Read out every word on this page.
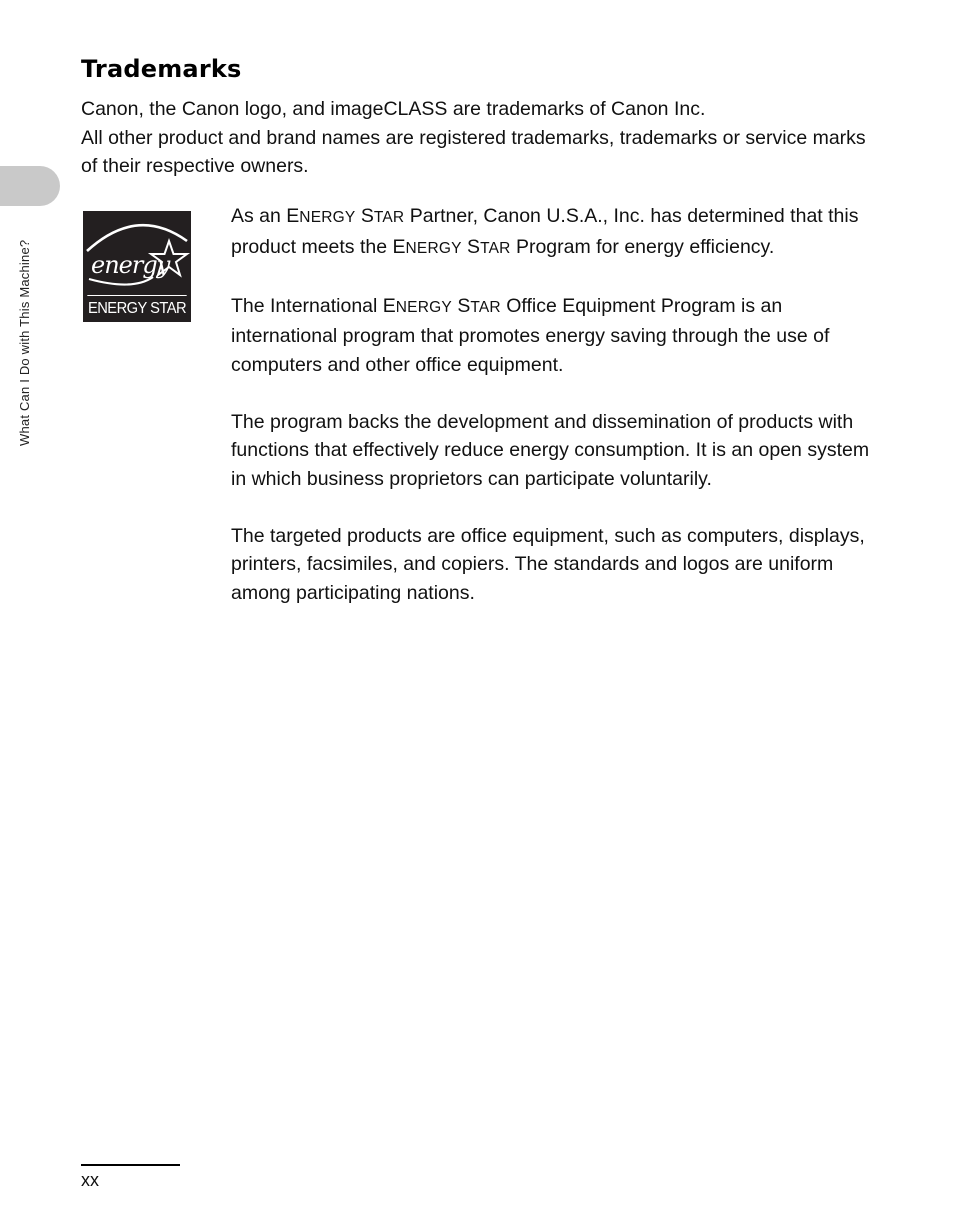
What Can I Do with This Machine?
Trademarks

Canon, the Canon logo, and imageCLASS are trademarks of Canon Inc.

All other product and brand names are registered trademarks, trademarks or service marks of their respective owners.

energy
ENERGY STAR

As an ENERGY STAR Partner, Canon U.S.A., Inc. has determined that this product meets the ENERGY STAR Program for energy efficiency.

The International ENERGY STAR Office Equipment Program is an international program that promotes energy saving through the use of computers and other office equipment.

The program backs the development and dissemination of products with functions that effectively reduce energy consumption. It is an open system in which business proprietors can participate voluntarily.

The targeted products are office equipment, such as computers, displays, printers, facsimiles, and copiers. The standards and logos are uniform among participating nations.

xx
